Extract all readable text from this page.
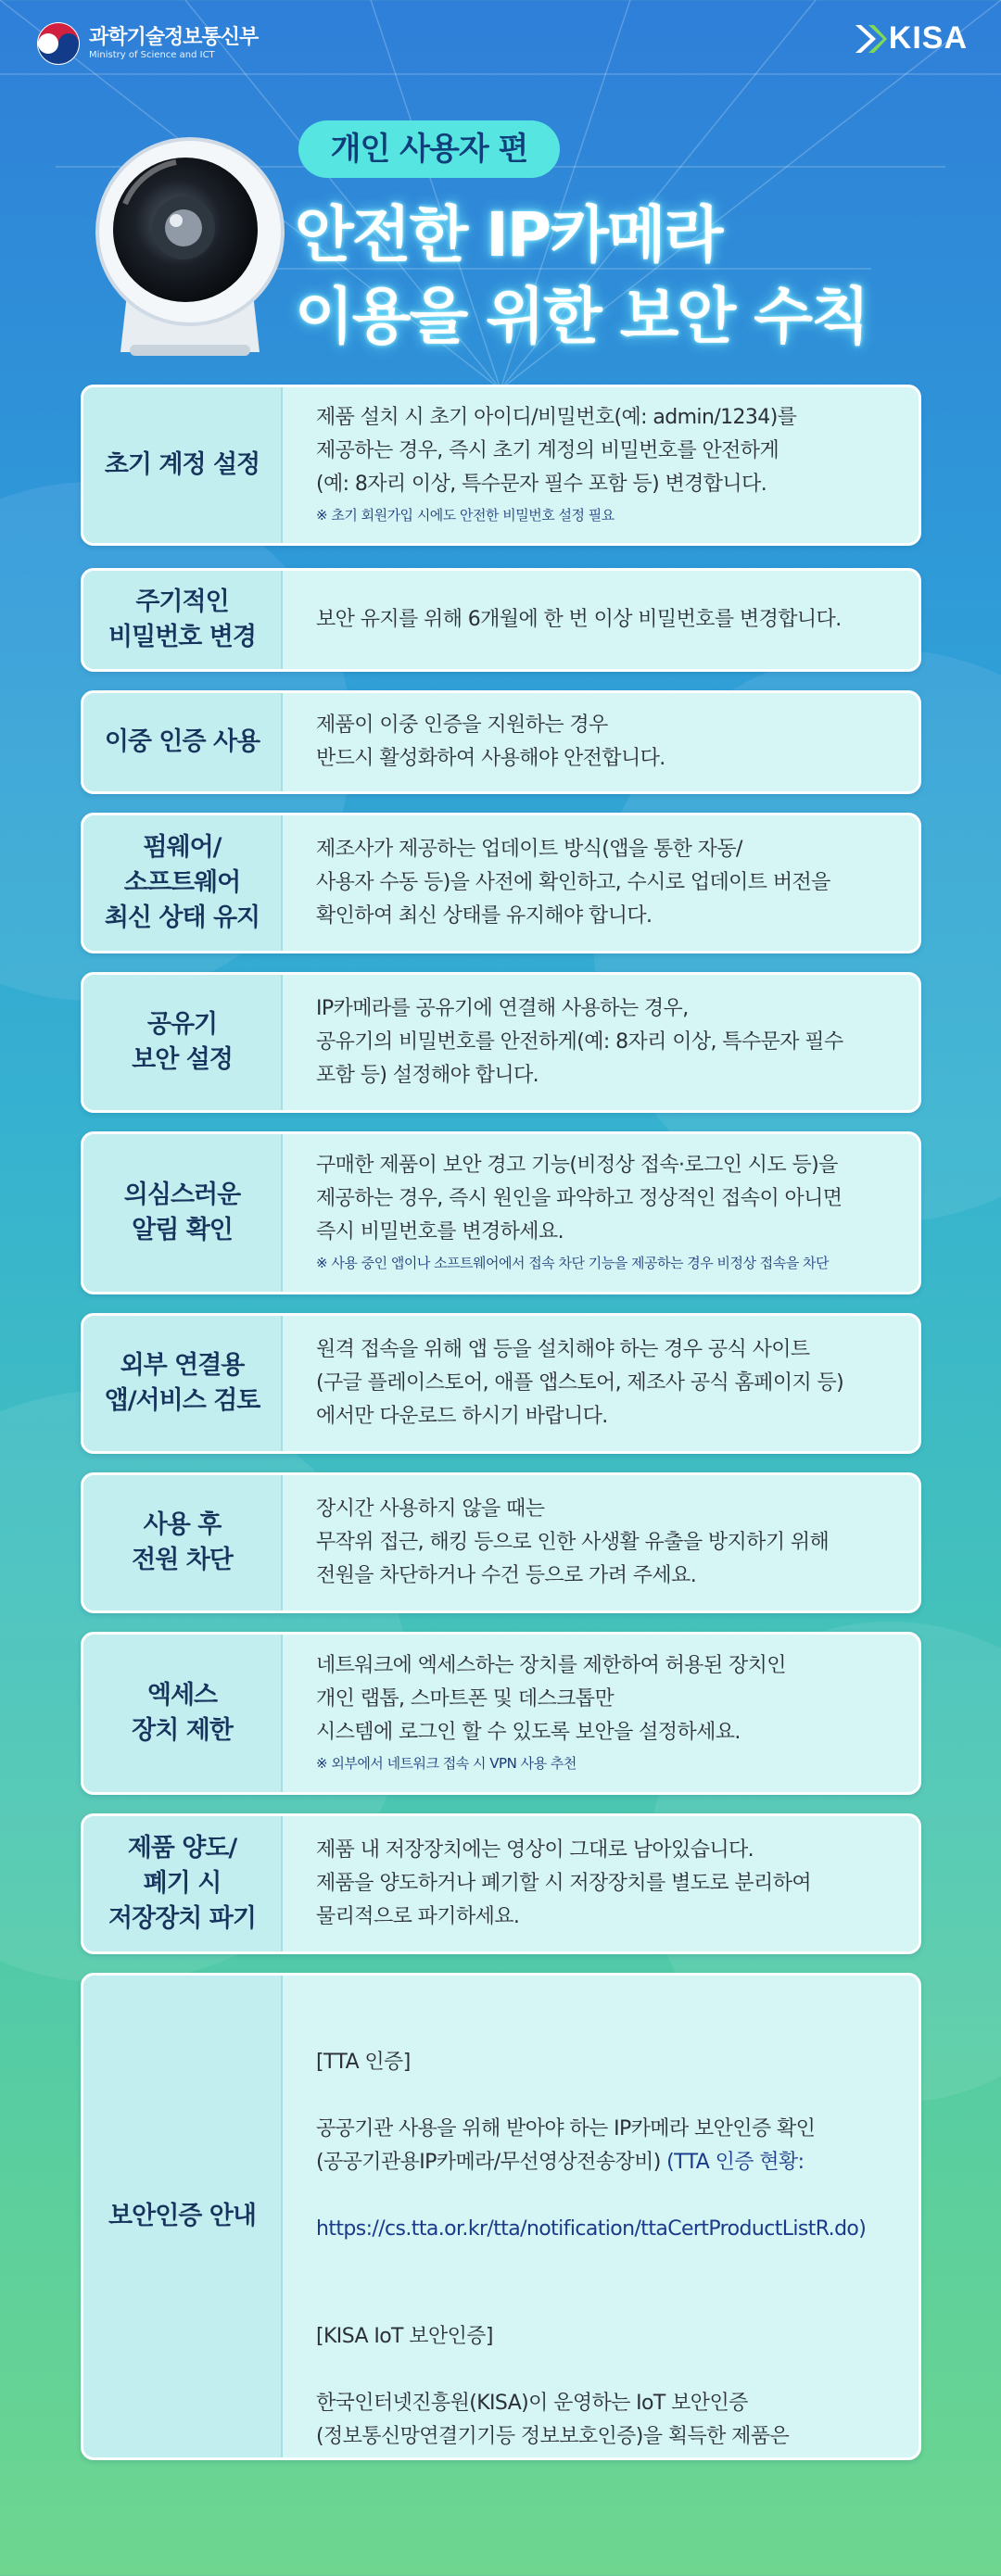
과학기술정보통신부
Ministry of Science and ICT	KISA
개인 사용자 편
안전한 IP카메라
이용을 위한 보안 수칙
초기 계정 설정
제품 설치 시 초기 아이디/비밀번호(예: admin/1234)를
제공하는 경우, 즉시 초기 계정의 비밀번호를 안전하게
(예: 8자리 이상, 특수문자 필수 포함 등) 변경합니다.
※ 초기 회원가입 시에도 안전한 비밀번호 설정 필요
주기적인
비밀번호 변경
보안 유지를 위해 6개월에 한 번 이상 비밀번호를 변경합니다.
이중 인증 사용
제품이 이중 인증을 지원하는 경우
반드시 활성화하여 사용해야 안전합니다.
펌웨어/
소프트웨어
최신 상태 유지
제조사가 제공하는 업데이트 방식(앱을 통한 자동/
사용자 수동 등)을 사전에 확인하고, 수시로 업데이트 버전을
확인하여 최신 상태를 유지해야 합니다.
공유기
보안 설정
IP카메라를 공유기에 연결해 사용하는 경우,
공유기의 비밀번호를 안전하게(예: 8자리 이상, 특수문자 필수
포함 등) 설정해야 합니다.
의심스러운
알림 확인
구매한 제품이 보안 경고 기능(비정상 접속·로그인 시도 등)을
제공하는 경우, 즉시 원인을 파악하고 정상적인 접속이 아니면
즉시 비밀번호를 변경하세요.
※ 사용 중인 앱이나 소프트웨어에서 접속 차단 기능을 제공하는 경우 비정상 접속을 차단
외부 연결용
앱/서비스 검토
원격 접속을 위해 앱 등을 설치해야 하는 경우 공식 사이트
(구글 플레이스토어, 애플 앱스토어, 제조사 공식 홈페이지 등)
에서만 다운로드 하시기 바랍니다.
사용 후
전원 차단
장시간 사용하지 않을 때는
무작위 접근, 해킹 등으로 인한 사생활 유출을 방지하기 위해
전원을 차단하거나 수건 등으로 가려 주세요.
엑세스
장치 제한
네트워크에 엑세스하는 장치를 제한하여 허용된 장치인
개인 랩톱, 스마트폰 및 데스크톱만
시스템에 로그인 할 수 있도록 보안을 설정하세요.
※ 외부에서 네트워크 접속 시 VPN 사용 추천
제품 양도/
폐기 시
저장장치 파기
제품 내 저장장치에는 영상이 그대로 남아있습니다.
제품을 양도하거나 폐기할 시 저장장치를 별도로 분리하여
물리적으로 파기하세요.
보안인증 안내

[TTA 인증]

공공기관 사용을 위해 받아야 하는 IP카메라 보안인증 확인
(공공기관용IP카메라/무선영상전송장비) (TTA 인증 현황:

https://cs.tta.or.kr/tta/notification/ttaCertProductListR.do)

[KISA IoT 보안인증]

한국인터넷진흥원(KISA)이 운영하는 IoT 보안인증
(정보통신망연결기기등 정보보호인증)을 획득한 제품은
